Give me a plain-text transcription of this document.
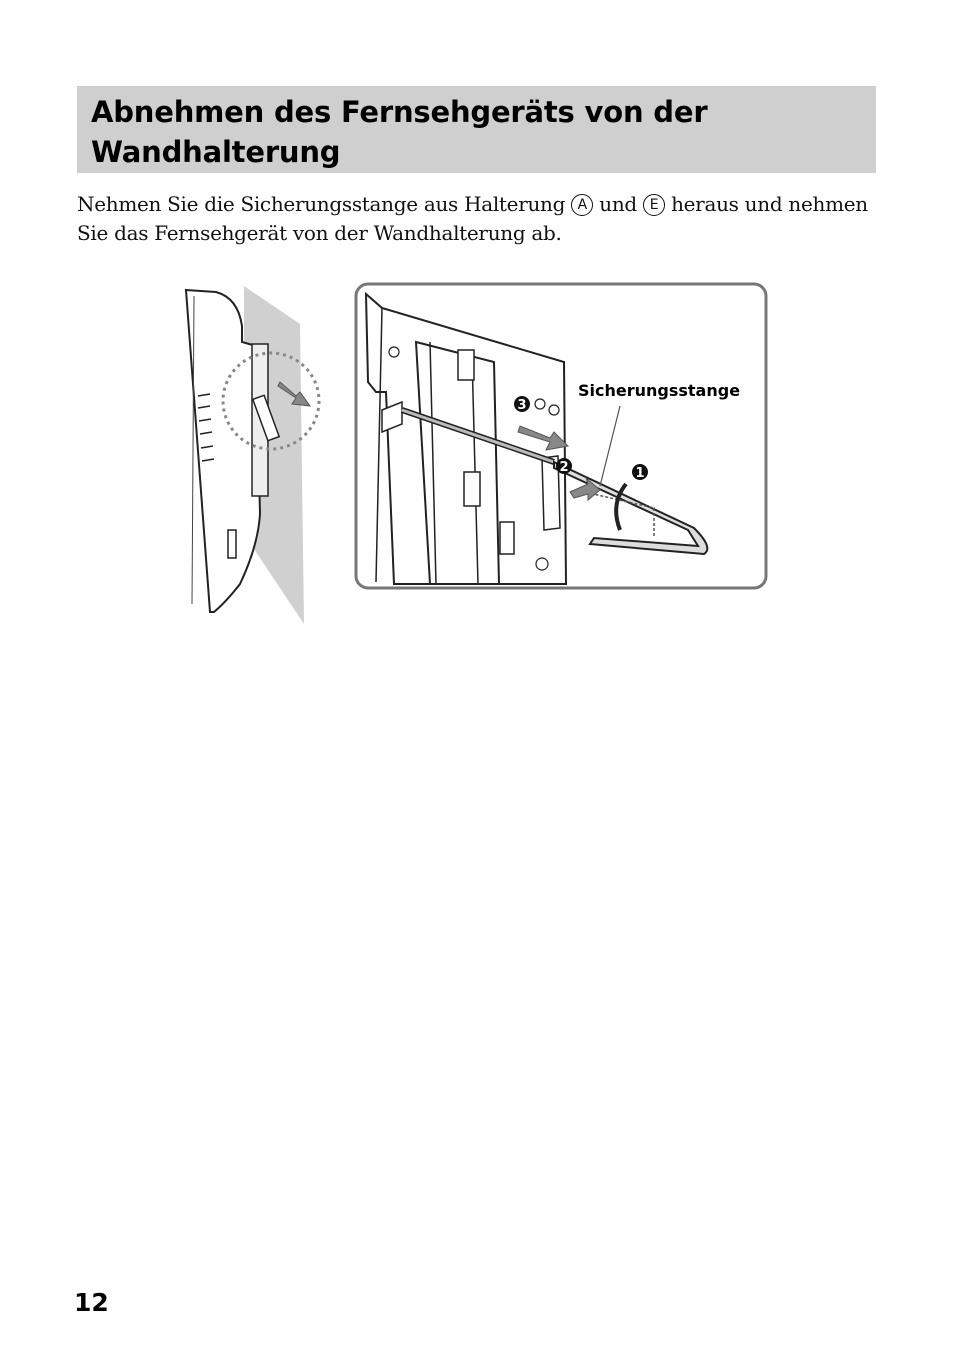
Abnehmen des Fernsehgeräts von der
Wandhalterung
Nehmen Sie die Sicherungsstange aus Halterung A und E heraus und nehmen Sie das Fernsehgerät von der Wandhalterung ab.
3
2	1
Sicherungsstange
12
